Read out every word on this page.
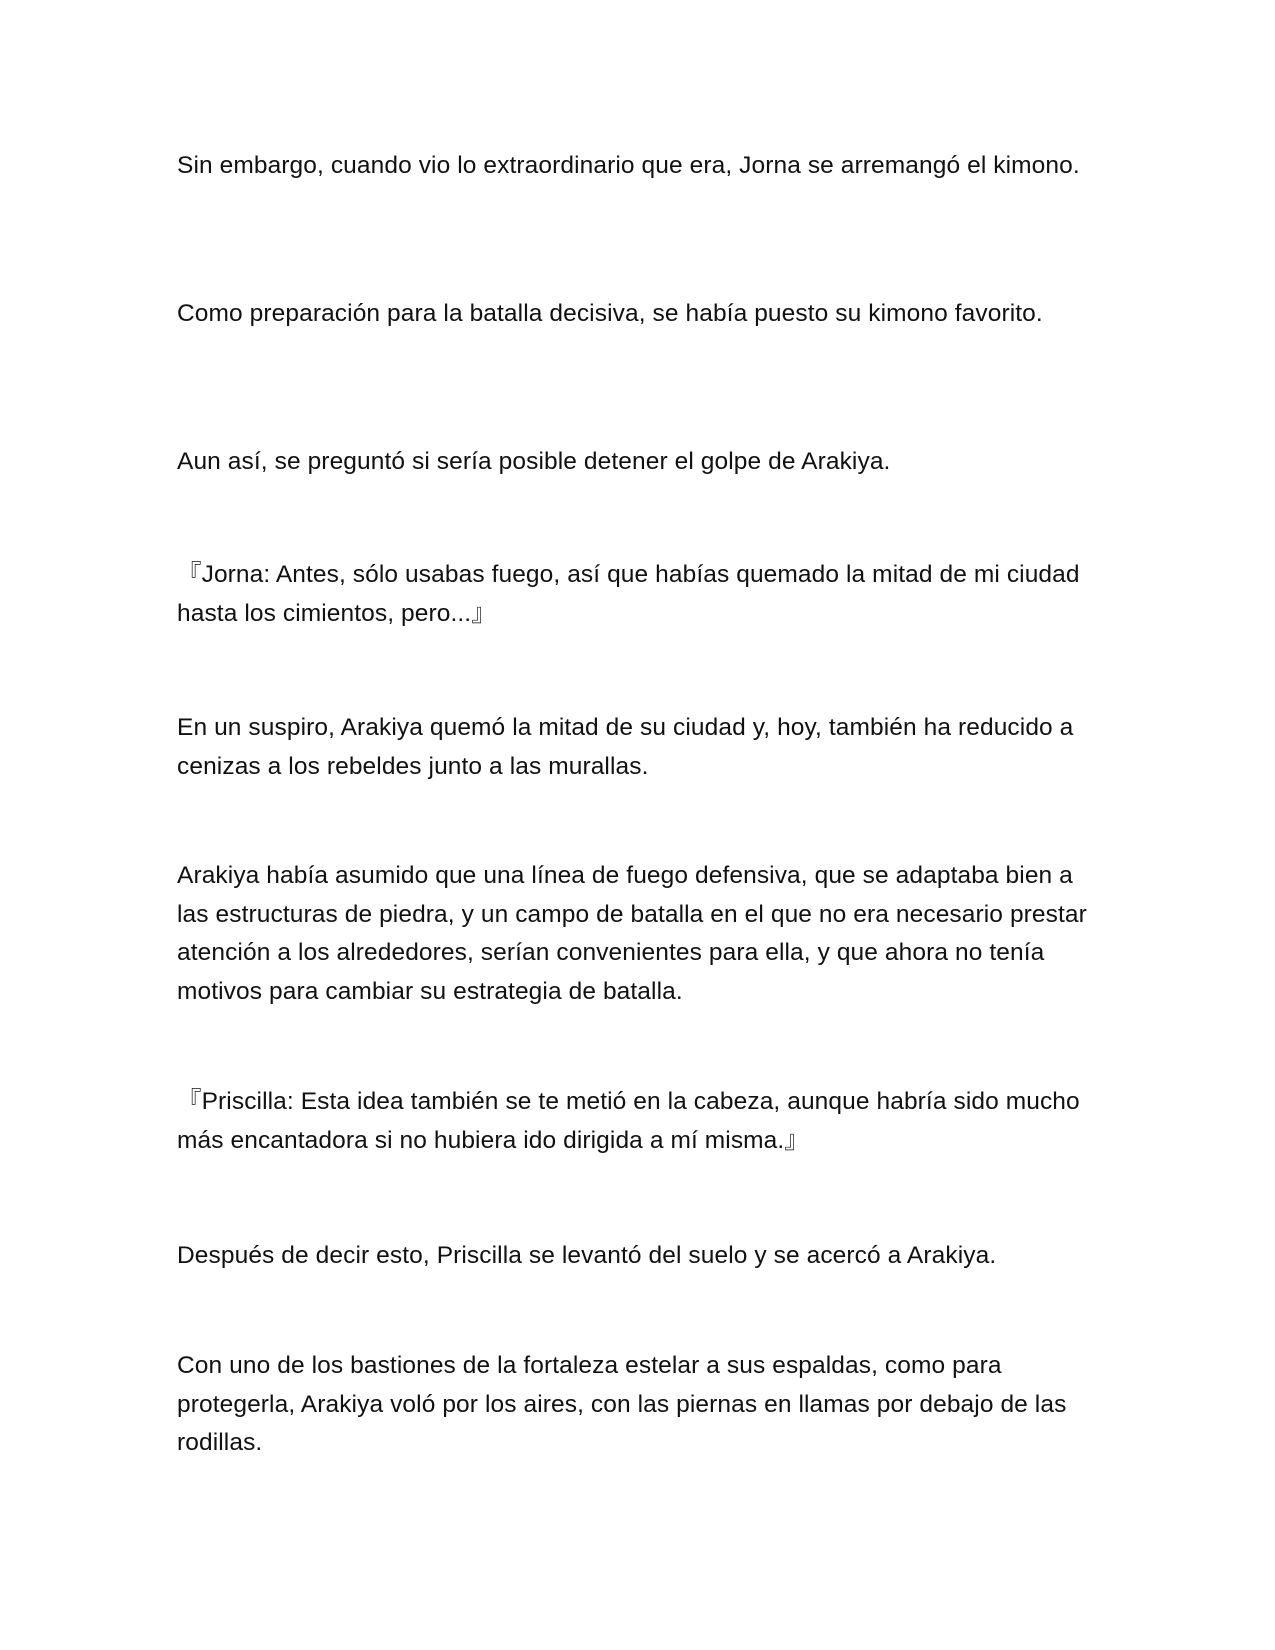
Sin embargo, cuando vio lo extraordinario que era, Jorna se arremangó el kimono.

Como preparación para la batalla decisiva, se había puesto su kimono favorito.

Aun así, se preguntó si sería posible detener el golpe de Arakiya.

『Jorna: Antes, sólo usabas fuego, así que habías quemado la mitad de mi ciudad hasta los cimientos, pero...』

En un suspiro, Arakiya quemó la mitad de su ciudad y, hoy, también ha reducido a cenizas a los rebeldes junto a las murallas.

Arakiya había asumido que una línea de fuego defensiva, que se adaptaba bien a las estructuras de piedra, y un campo de batalla en el que no era necesario prestar atención a los alrededores, serían convenientes para ella, y que ahora no tenía motivos para cambiar su estrategia de batalla.

『Priscilla: Esta idea también se te metió en la cabeza, aunque habría sido mucho más encantadora si no hubiera ido dirigida a mí misma.』

Después de decir esto, Priscilla se levantó del suelo y se acercó a Arakiya.

Con uno de los bastiones de la fortaleza estelar a sus espaldas, como para protegerla, Arakiya voló por los aires, con las piernas en llamas por debajo de las rodillas.
